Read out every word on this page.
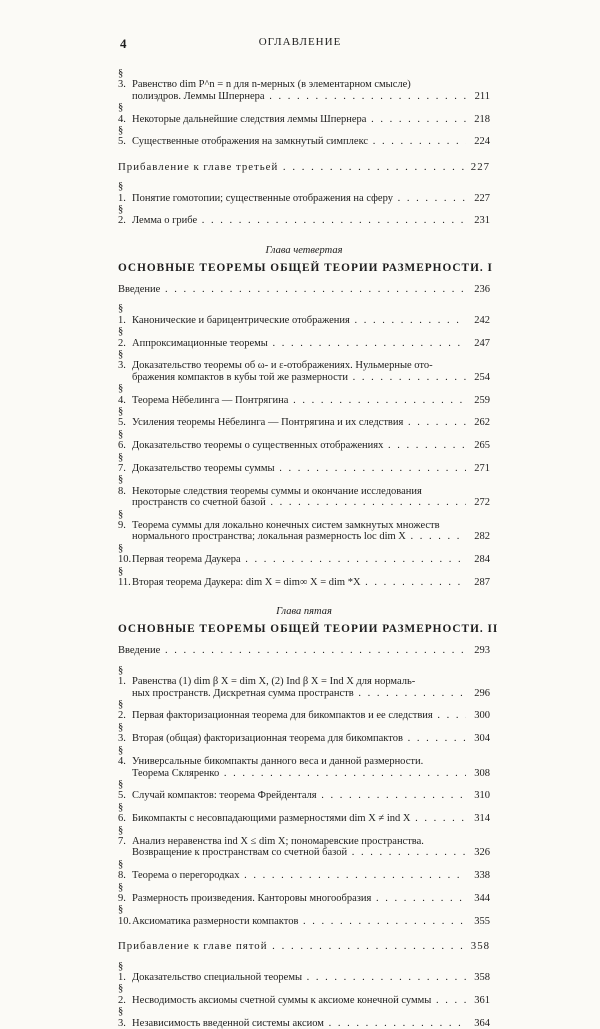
4	ОГЛАВЛЕНИЕ
§ 3. Равенство dim P^n = n для n-мерных (в элементарном смысле)
полиэдров. Леммы Шпернера . . .	211
§ 4. Некоторые дальнейшие следствия леммы Шпернера . . .	218
§ 5. Существенные отображения на замкнутый симплекс . . .	224
Прибавление к главе третьей . . .	227
§ 1. Понятие гомотопии; существенные отображения на сферу . . .	227
§ 2. Лемма о грибе . . .	231
Глава четвертая
ОСНОВНЫЕ ТЕОРЕМЫ ОБЩЕЙ ТЕОРИИ РАЗМЕРНОСТИ. I
Введение . . .	236
§ 1. Канонические и барицентрические отображения . . .	242
§ 2. Аппроксимационные теоремы . . .	247
§ 3. Доказательство теоремы об ω- и ε-отображениях. Нульмерные ото-
бражения компактов в кубы той же размерности . . .	254
§ 4. Теорема Нёбелинга — Понтрягина . . .	259
§ 5. Усиления теоремы Нёбелинга — Понтрягина и их следствия . . .	262
§ 6. Доказательство теоремы о существенных отображениях . . .	265
§ 7. Доказательство теоремы суммы . . .	271
§ 8. Некоторые следствия теоремы суммы и окончание исследования
пространств со счетной базой . . .	272
§ 9. Теорема суммы для локально конечных систем замкнутых множеств
нормального пространства; локальная размерность loc dim X . . .	282
§ 10. Первая теорема Даукера . . .	284
§ 11. Вторая теорема Даукера: dim X = dim∞ X = dim *X . . .	287
Глава пятая
ОСНОВНЫЕ ТЕОРЕМЫ ОБЩЕЙ ТЕОРИИ РАЗМЕРНОСТИ. II
Введение . . .	293
§ 1. Равенства (1) dim β X = dim X, (2) Ind β X = Ind X для нормаль-
ных пространств. Дискретная сумма пространств . . .	296
§ 2. Первая факторизационная теорема для бикомпактов и ее следствия . . .	300
§ 3. Вторая (общая) факторизационная теорема для бикомпактов . . .	304
§ 4. Универсальные бикомпакты данного веса и данной размерности.
Теорема Скляренко . . .	308
§ 5. Случай компактов: теорема Фрейденталя . . .	310
§ 6. Бикомпакты с несовпадающими размерностями dim X ≠ ind X . . .	314
§ 7. Анализ неравенства ind X ≤ dim X; пономаревские пространства.
Возвращение к пространствам со счетной базой . . .	326
§ 8. Теорема о перегородках . . .	338
§ 9. Размерность произведения. Канторовы многообразия . . .	344
§ 10. Аксиоматика размерности компактов . . .	355
Прибавление к главе пятой . . .	358
§ 1. Доказательство специальной теоремы . . .	358
§ 2. Несводимость аксиомы счетной суммы к аксиоме конечной суммы . . .	361
§ 3. Независимость введенной системы аксиом . . .	364
